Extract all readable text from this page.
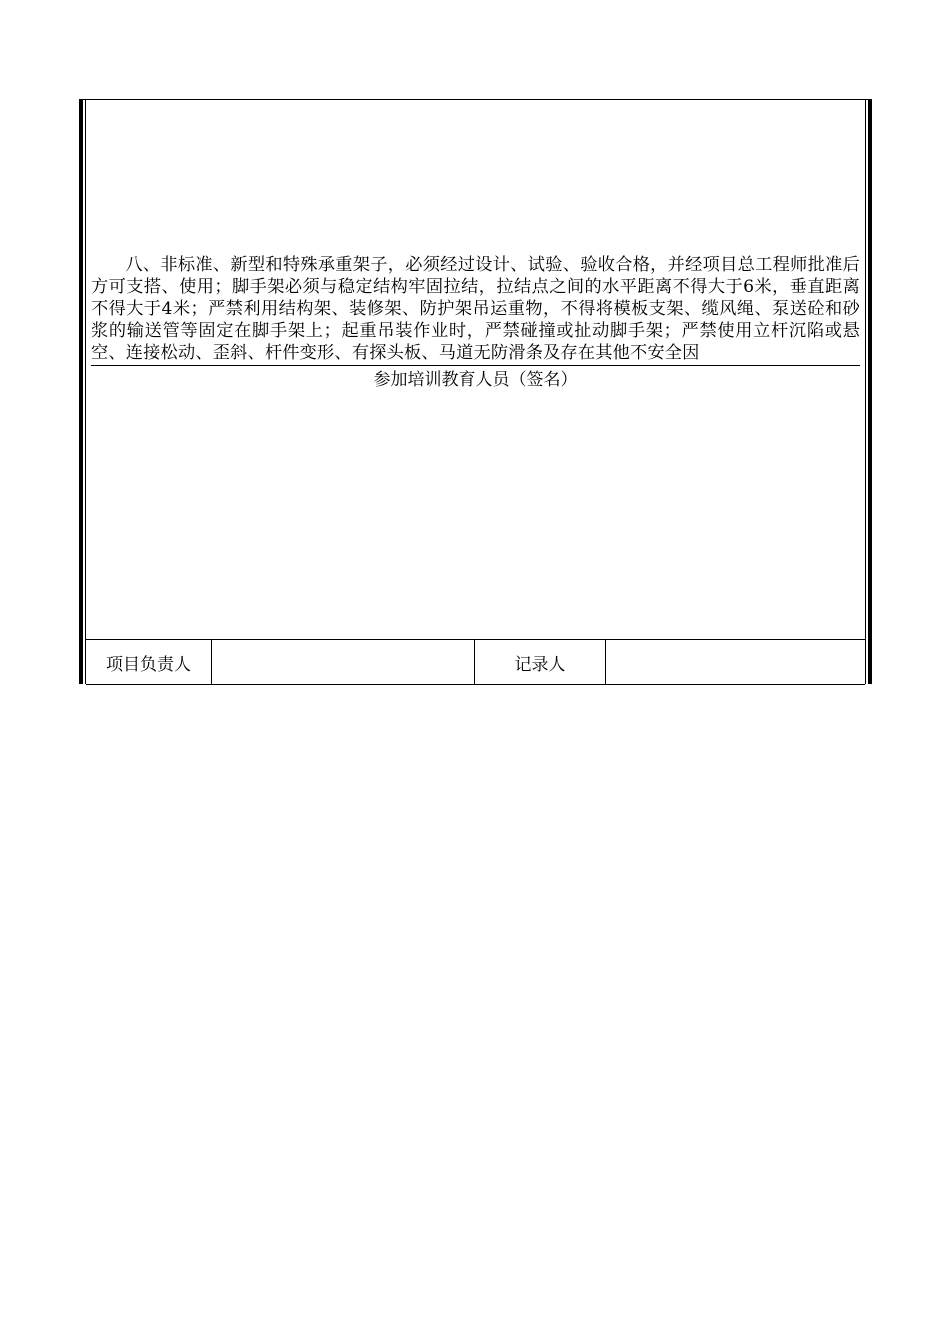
八、非标准、新型和特殊承重架子，必须经过设计、试验、验收合格，并经项目总工程师批准后方可支搭、使用；脚手架必须与稳定结构牢固拉结，拉结点之间的水平距离不得大于6米，垂直距离不得大于4米；严禁利用结构架、装修架、防护架吊运重物，不得将模板支架、缆风绳、泵送砼和砂浆的输送管等固定在脚手架上；起重吊装作业时，严禁碰撞或扯动脚手架；严禁使用立杆沉陷或悬空、连接松动、歪斜、杆件变形、有探头板、马道无防滑条及存在其他不安全因
参加培训教育人员（签名）
项目负责人	记录人
